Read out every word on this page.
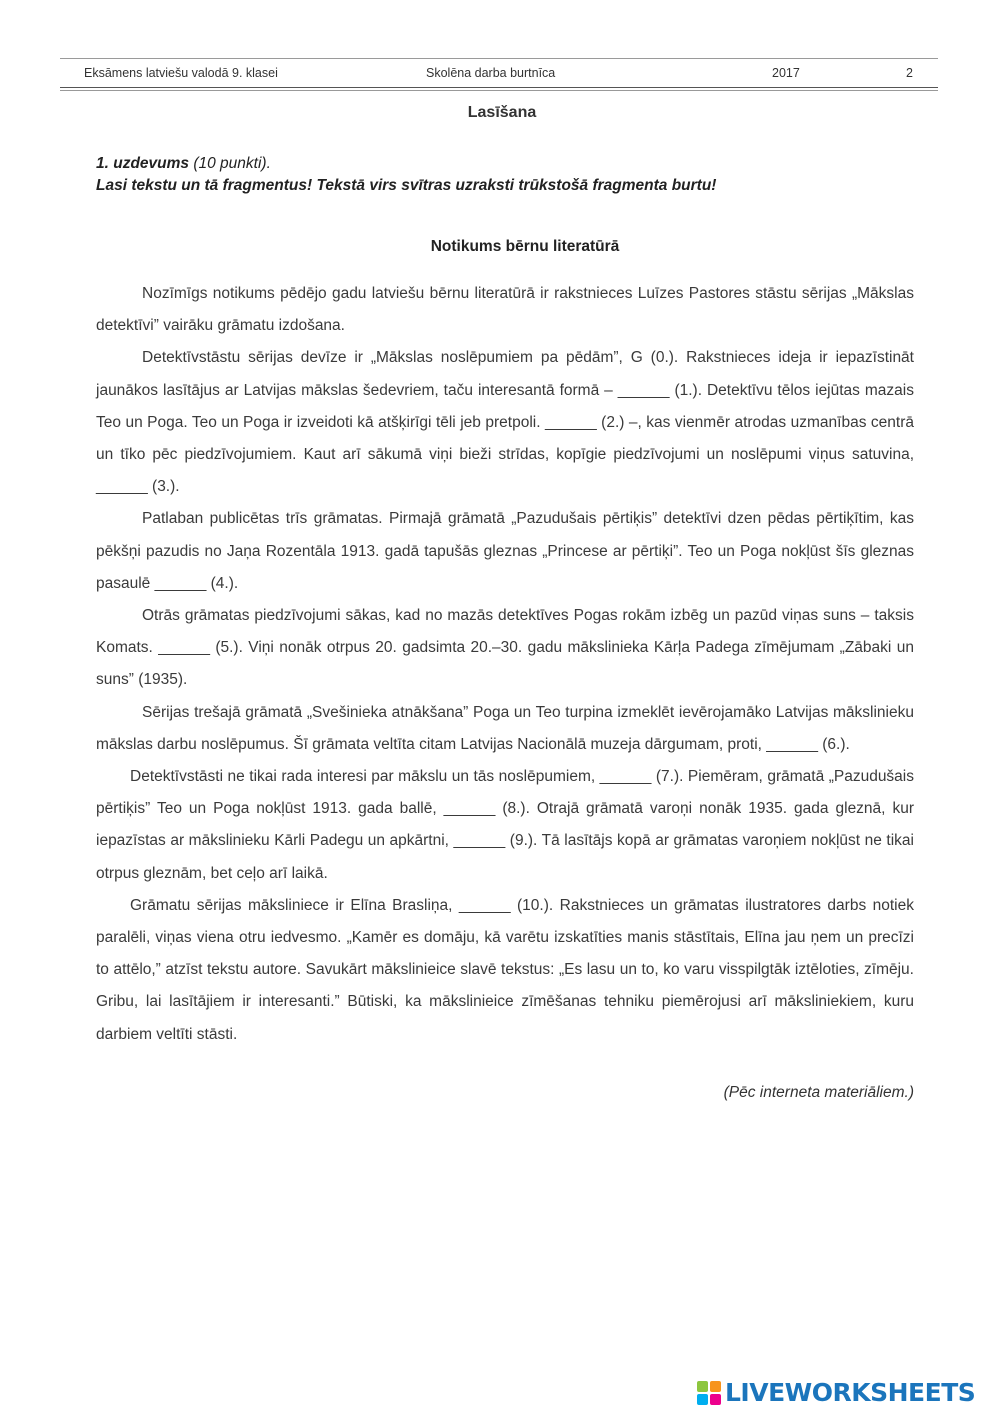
Eksāmens latviešu valodā 9. klasei	Skolēna darba burtnīca	2017	2
Lasīšana
1. uzdevums (10 punkti).
Lasi tekstu un tā fragmentus! Tekstā virs svītras uzraksti trūkstošā fragmenta burtu!
Notikums bērnu literatūrā

Nozīmīgs notikums pēdējo gadu latviešu bērnu literatūrā ir rakstnieces Luīzes Pastores stāstu sērijas „Mākslas detektīvi” vairāku grāmatu izdošana.

Detektīvstāstu sērijas devīze ir „Mākslas noslēpumiem pa pēdām”, G (0.). Rakstnieces ideja ir iepazīstināt jaunākos lasītājus ar Latvijas mākslas šedevriem, taču interesantā formā – ______ (1.). Detektīvu tēlos iejūtas mazais Teo un Poga. Teo un Poga ir izveidoti kā atšķirīgi tēli jeb pretpoli. ______ (2.) –, kas vienmēr atrodas uzmanības centrā un tīko pēc piedzīvojumiem. Kaut arī sākumā viņi bieži strīdas, kopīgie piedzīvojumi un noslēpumi viņus satuvina, ______ (3.).

Patlaban publicētas trīs grāmatas. Pirmajā grāmatā „Pazudušais pērtiķis” detektīvi dzen pēdas pērtiķītim, kas pēkšņi pazudis no Jaņa Rozentāla 1913. gadā tapušās gleznas „Princese ar pērtiķi”. Teo un Poga nokļūst šīs gleznas pasaulē ______ (4.).

Otrās grāmatas piedzīvojumi sākas, kad no mazās detektīves Pogas rokām izbēg un pazūd viņas suns – taksis Komats. ______ (5.). Viņi nonāk otrpus 20. gadsimta 20.–30. gadu mākslinieka Kārļa Padega zīmējumam „Zābaki un suns” (1935).

Sērijas trešajā grāmatā „Svešinieka atnākšana” Poga un Teo turpina izmeklēt ievērojamāko Latvijas mākslinieku mākslas darbu noslēpumus. Šī grāmata veltīta citam Latvijas Nacionālā muzeja dārgumam, proti, ______ (6.).

Detektīvstāsti ne tikai rada interesi par mākslu un tās noslēpumiem, ______ (7.). Piemēram, grāmatā „Pazudušais pērtiķis” Teo un Poga nokļūst 1913. gada ballē, ______ (8.). Otrajā grāmatā varoņi nonāk 1935. gada gleznā, kur iepazīstas ar mākslinieku Kārli Padegu un apkārtni, ______ (9.). Tā lasītājs kopā ar grāmatas varoņiem nokļūst ne tikai otrpus gleznām, bet ceļo arī laikā.

Grāmatu sērijas māksliniece ir Elīna Brasliņa, ______ (10.). Rakstnieces un grāmatas ilustratores darbs notiek paralēli, viņas viena otru iedvesmo. „Kamēr es domāju, kā varētu izskatīties manis stāstītais, Elīna jau ņem un precīzi to attēlo,” atzīst tekstu autore. Savukārt mākslinieice slavē tekstus: „Es lasu un to, ko varu visspilgtāk iztēloties, zīmēju. Gribu, lai lasītājiem ir interesanti.” Būtiski, ka mākslinieice zīmēšanas tehniku piemērojusi arī māksliniekiem, kuru darbiem veltīti stāsti.

(Pēc interneta materiāliem.)
LIVEWORKSHEETS
